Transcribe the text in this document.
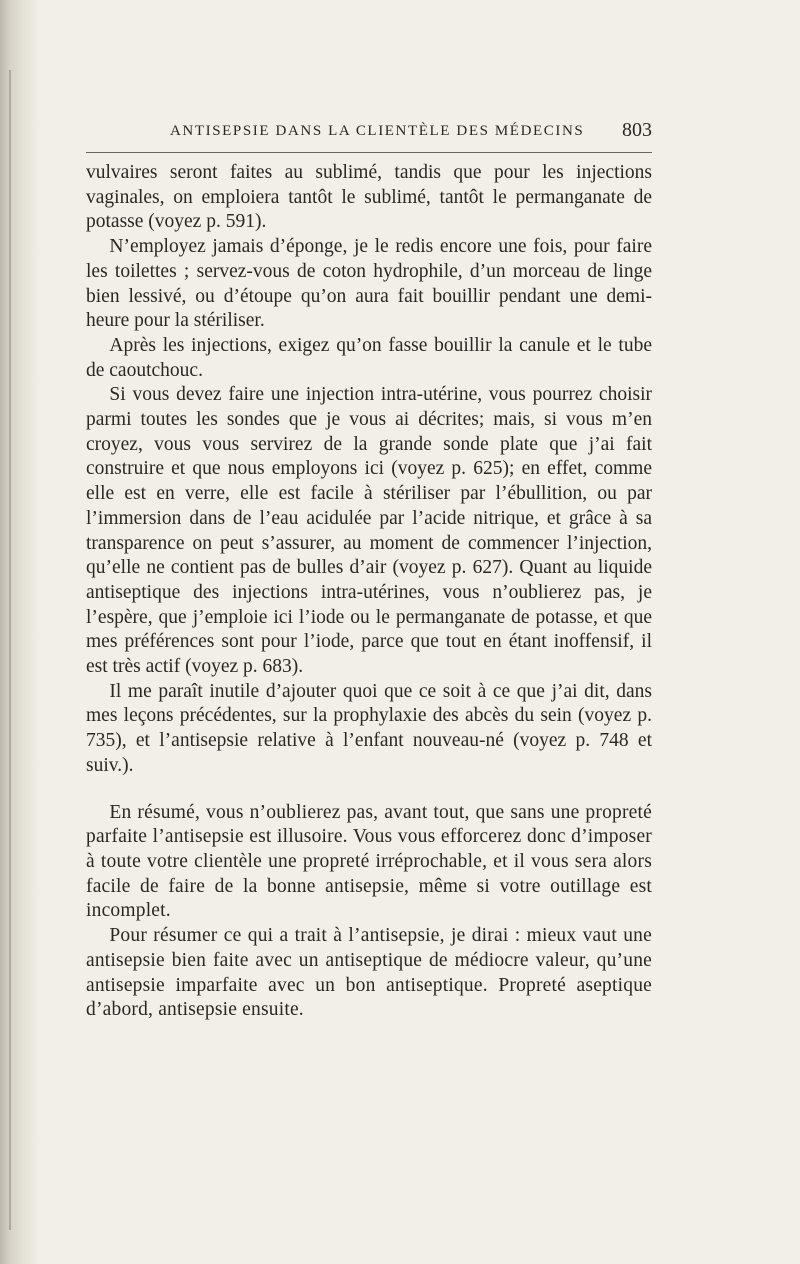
ANTISEPSIE DANS LA CLIENTÈLE DES MÉDECINS 803

vulvaires seront faites au sublimé, tandis que pour les injections vaginales, on emploiera tantôt le sublimé, tantôt le permanganate de potasse (voyez p. 591).

N’employez jamais d’éponge, je le redis encore une fois, pour faire les toilettes ; servez-vous de coton hydrophile, d’un morceau de linge bien lessivé, ou d’étoupe qu’on aura fait bouillir pendant une demi-heure pour la stériliser.

Après les injections, exigez qu’on fasse bouillir la canule et le tube de caoutchouc.

Si vous devez faire une injection intra-utérine, vous pourrez choisir parmi toutes les sondes que je vous ai décrites; mais, si vous m’en croyez, vous vous servirez de la grande sonde plate que j’ai fait construire et que nous employons ici (voyez p. 625); en effet, comme elle est en verre, elle est facile à stériliser par l’ébullition, ou par l’immersion dans de l’eau acidulée par l’acide nitrique, et grâce à sa transparence on peut s’assurer, au moment de commencer l’injection, qu’elle ne contient pas de bulles d’air (voyez p. 627). Quant au liquide antiseptique des injections intra-utérines, vous n’oublierez pas, je l’espère, que j’emploie ici l’iode ou le permanganate de potasse, et que mes préférences sont pour l’iode, parce que tout en étant inoffensif, il est très actif (voyez p. 683).

Il me paraît inutile d’ajouter quoi que ce soit à ce que j’ai dit, dans mes leçons précédentes, sur la prophylaxie des abcès du sein (voyez p. 735), et l’antisepsie relative à l’enfant nouveau-né (voyez p. 748 et suiv.).

En résumé, vous n’oublierez pas, avant tout, que sans une propreté parfaite l’antisepsie est illusoire. Vous vous efforcerez donc d’imposer à toute votre clientèle une propreté irréprochable, et il vous sera alors facile de faire de la bonne antisepsie, même si votre outillage est incomplet.

Pour résumer ce qui a trait à l’antisepsie, je dirai : mieux vaut une antisepsie bien faite avec un antiseptique de médiocre valeur, qu’une antisepsie imparfaite avec un bon antiseptique. Propreté aseptique d’abord, antisepsie ensuite.
